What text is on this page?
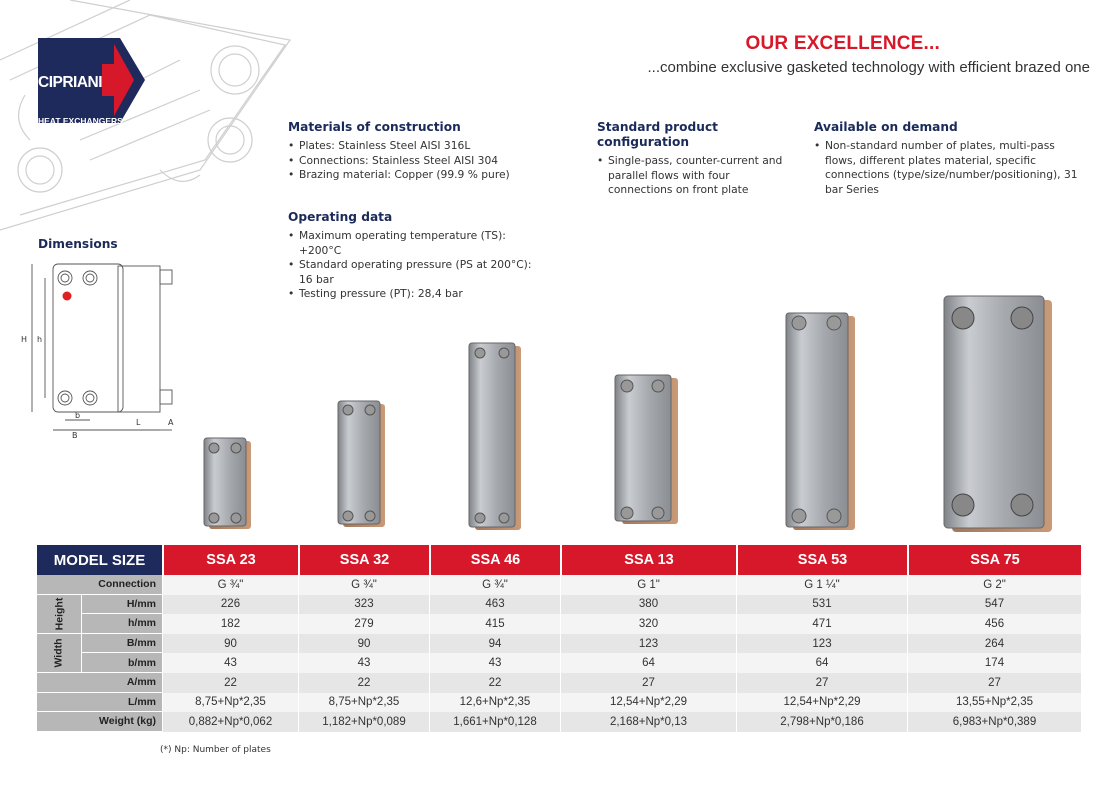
CIPRIANI
HEAT EXCHANGERS
OUR EXCELLENCE...
...combine exclusive gasketed technology with efficient brazed one
Materials of construction
• Plates: Stainless Steel AISI 316L
• Connections: Stainless Steel AISI 304
• Brazing material: Copper (99.9 % pure)
Standard product configuration
• Single-pass, counter-current and parallel flows with four connections on front plate
Available on demand
• Non-standard number of plates, multi-pass flows, different plates material, specific connections (type/size/number/positioning), 31 bar Series
Operating data
• Maximum operating temperature (TS): +200°C
• Standard operating pressure (PS at 200°C): 16 bar
• Testing pressure (PT): 28,4 bar
Dimensions
H h
b
B
L	A
MODEL SIZE		SSA 23	SSA 32	SSA 46	SSA 13	SSA 53	SSA 75
Connection		G ¾"	G ¾"	G ¾"	G 1"	G 1 ¼"	G 2"
Height	H/mm	226	323	463	380	531	547
	h/mm	182	279	415	320	471	456
Width	B/mm	90	90	94	123	123	264
	b/mm	43	43	43	64	64	174
A/mm		22	22	22	27	27	27
L/mm		8,75+Np*2,35	8,75+Np*2,35	12,6+Np*2,35	12,54+Np*2,29	12,54+Np*2,29	13,55+Np*2,35
Weight (kg)		0,882+Np*0,062	1,182+Np*0,089	1,661+Np*0,128	2,168+Np*0,13	2,798+Np*0,186	6,983+Np*0,389
(*) Np: Number of plates
